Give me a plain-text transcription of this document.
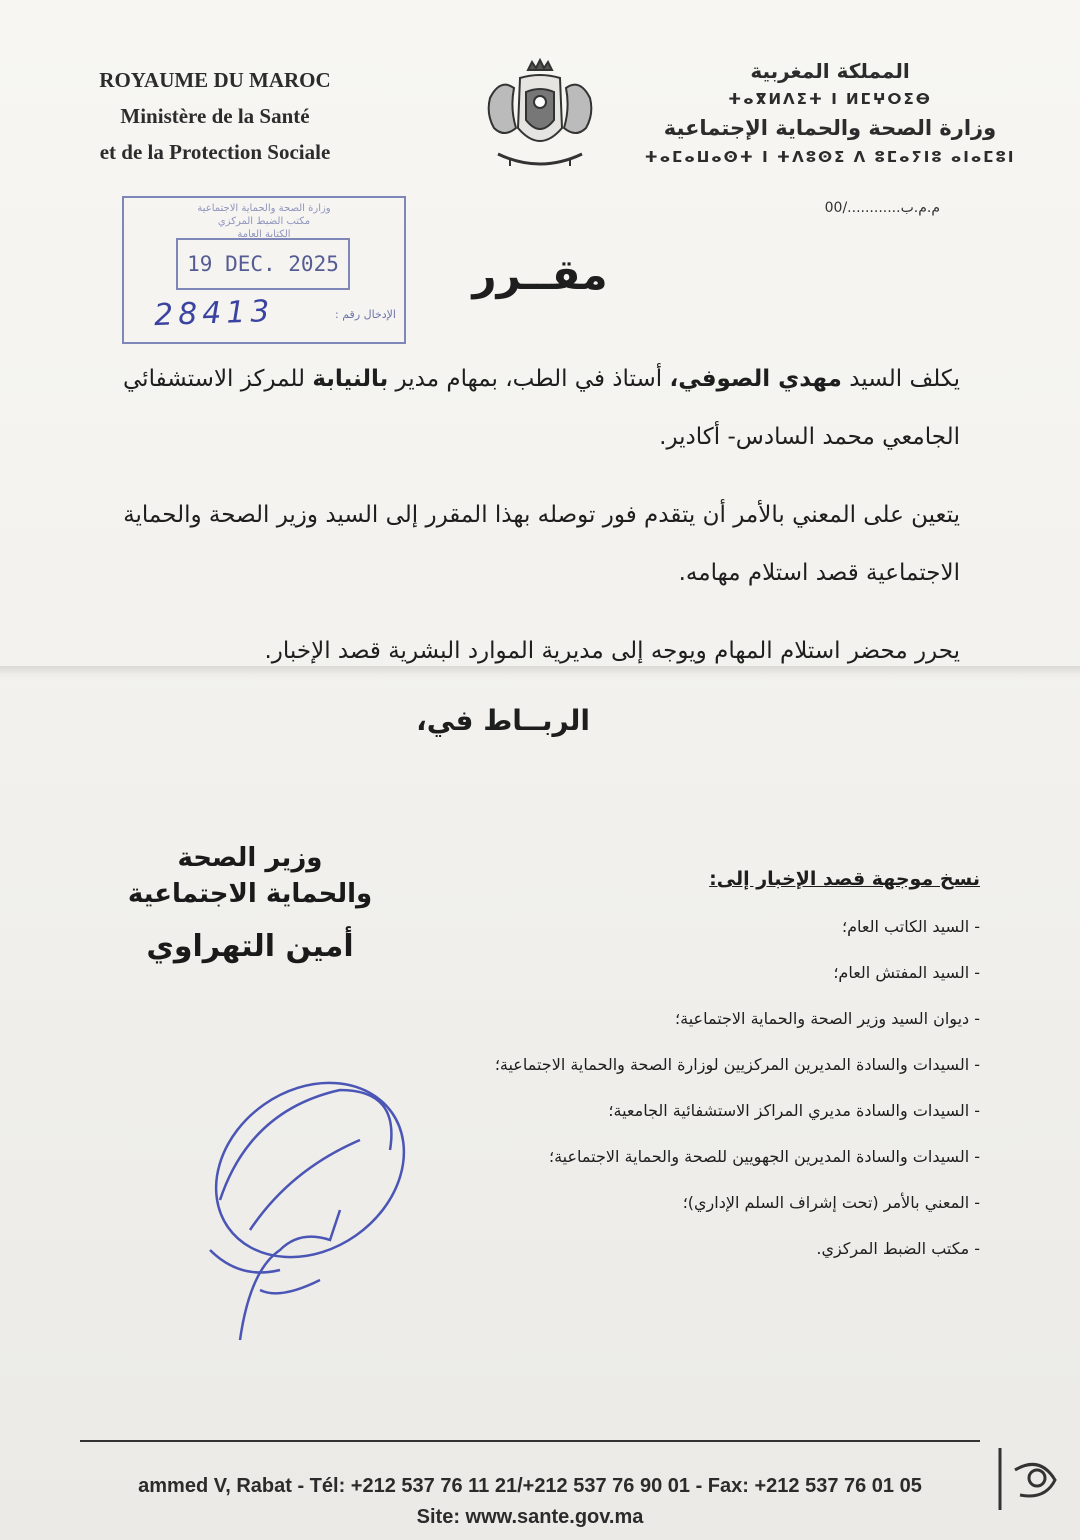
ROYAUME DU MAROC
Ministère de la Santé
et de la Protection Sociale
المملكة المغربية
ⵜⴰⴳⵍⴷⵉⵜ ⵏ ⵍⵎⵖⵔⵉⴱ
وزارة الصحة والحماية الإجتماعية
ⵜⴰⵎⴰⵡⴰⵙⵜ ⵏ ⵜⴷⵓⵙⵉ ⴷ ⵓⵎⴰⵢⵏⵓ ⴰⵏⴰⵎⵓⵏ
م.م.ب............/00
وزارة الصحة والحماية الاجتماعية
مكتب الضبط المركزي
الكتابة العامة
19 DEC. 2025
الإدخال رقم :
28413
مقــرر

يكلف السيد مهدي الصوفي، أستاذ في الطب، بمهام مدير بالنيابة للمركز الاستشفائي الجامعي محمد السادس- أكادير.

يتعين على المعني بالأمر أن يتقدم فور توصله بهذا المقرر إلى السيد وزير الصحة والحماية الاجتماعية قصد استلام مهامه.

يحرر محضر استلام المهام ويوجه إلى مديرية الموارد البشرية قصد الإخبار.

الربــاط في،
وزير الصحة
والحماية الاجتماعية
أمين التهراوي
نسخ موجهة قصد الإخبار إلى:
- السيد الكاتب العام؛
- السيد المفتش العام؛
- ديوان السيد وزير الصحة والحماية الاجتماعية؛
- السيدات والسادة المديرين المركزيين لوزارة الصحة والحماية الاجتماعية؛
- السيدات والسادة مديري المراكز الاستشفائية الجامعية؛
- السيدات والسادة المديرين الجهويين للصحة والحماية الاجتماعية؛
- المعني بالأمر (تحت إشراف السلم الإداري)؛
- مكتب الضبط المركزي.
ammed V, Rabat - Tél: +212 537 76 11 21/+212 537 76 90 01 - Fax: +212 537 76 01 05
Site: www.sante.gov.ma
